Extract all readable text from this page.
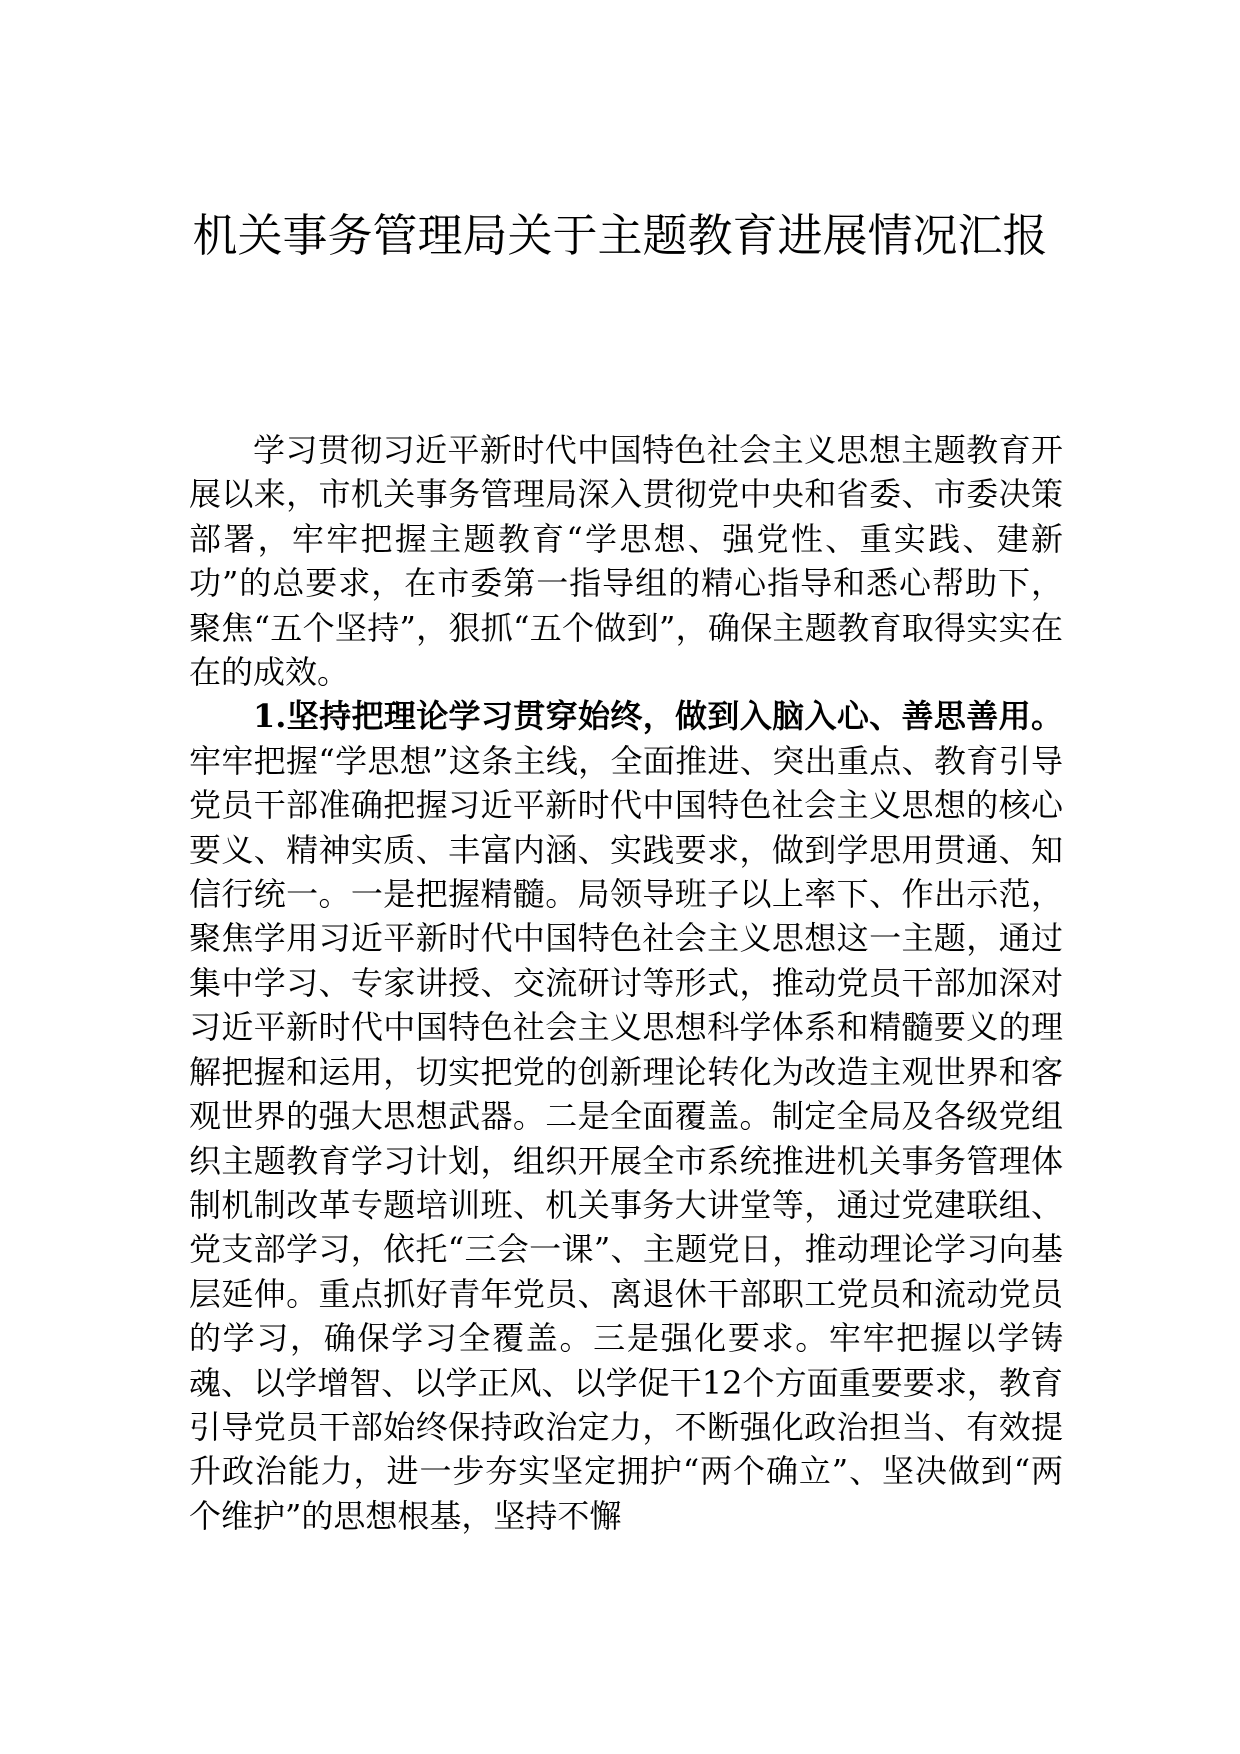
机关事务管理局关于主题教育进展情况汇报

学习贯彻习近平新时代中国特色社会主义思想主题教育开展以来，市机关事务管理局深入贯彻党中央和省委、市委决策部署，牢牢把握主题教育“学思想、强党性、重实践、建新功”的总要求，在市委第一指导组的精心指导和悉心帮助下，聚焦“五个坚持”，狠抓“五个做到”，确保主题教育取得实实在在的成效。

1.坚持把理论学习贯穿始终，做到入脑入心、善思善用。牢牢把握“学思想”这条主线，全面推进、突出重点、教育引导党员干部准确把握习近平新时代中国特色社会主义思想的核心要义、精神实质、丰富内涵、实践要求，做到学思用贯通、知信行统一。一是把握精髓。局领导班子以上率下、作出示范，聚焦学用习近平新时代中国特色社会主义思想这一主题，通过集中学习、专家讲授、交流研讨等形式，推动党员干部加深对习近平新时代中国特色社会主义思想科学体系和精髓要义的理解把握和运用，切实把党的创新理论转化为改造主观世界和客观世界的强大思想武器。二是全面覆盖。制定全局及各级党组织主题教育学习计划，组织开展全市系统推进机关事务管理体制机制改革专题培训班、机关事务大讲堂等，通过党建联组、党支部学习，依托“三会一课”、主题党日，推动理论学习向基层延伸。重点抓好青年党员、离退休干部职工党员和流动党员的学习，确保学习全覆盖。三是强化要求。牢牢把握以学铸魂、以学增智、以学正风、以学促干12个方面重要要求，教育引导党员干部始终保持政治定力，不断强化政治担当、有效提升政治能力，进一步夯实坚定拥护“两个确立”、坚决做到“两个维护”的思想根基，坚持不懈
